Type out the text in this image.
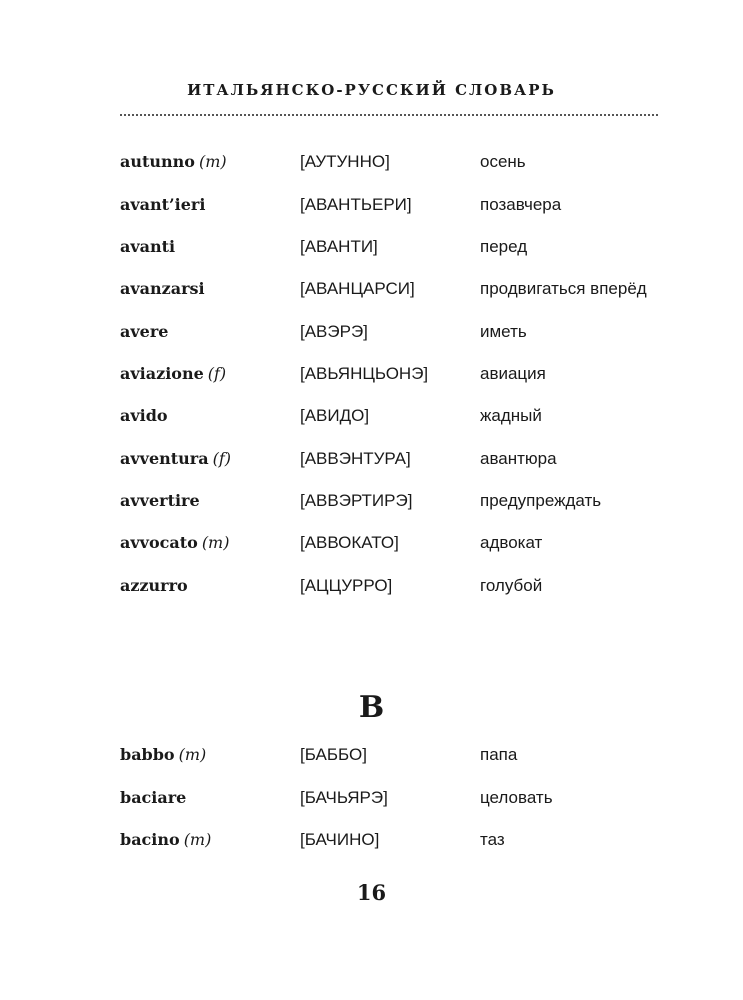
ИТАЛЬЯНСКО-РУССКИЙ СЛОВАРЬ
autunno (m)	[АУТУННО]	осень
avant’ieri	[АВАНТЬЕРИ]	позавчера
avanti	[АВАНТИ]	перед
avanzarsi	[АВАНЦАРСИ]	продвигаться вперёд
avere	[АВЭРЭ]	иметь
aviazione (f)	[АВЬЯНЦЬОНЭ]	авиация
avido	[АВИДО]	жадный
avventura (f)	[АВВЭНТУРА]	авантюра
avvertire	[АВВЭРТИРЭ]	предупреждать
avvocato (m)	[АВВОКАТО]	адвокат
azzurro	[АЦЦУРРО]	голубой
B
babbo (m)	[БАББО]	папа
baciare	[БАЧЬЯРЭ]	целовать
bacino (m)	[БАЧИНО]	таз
16
